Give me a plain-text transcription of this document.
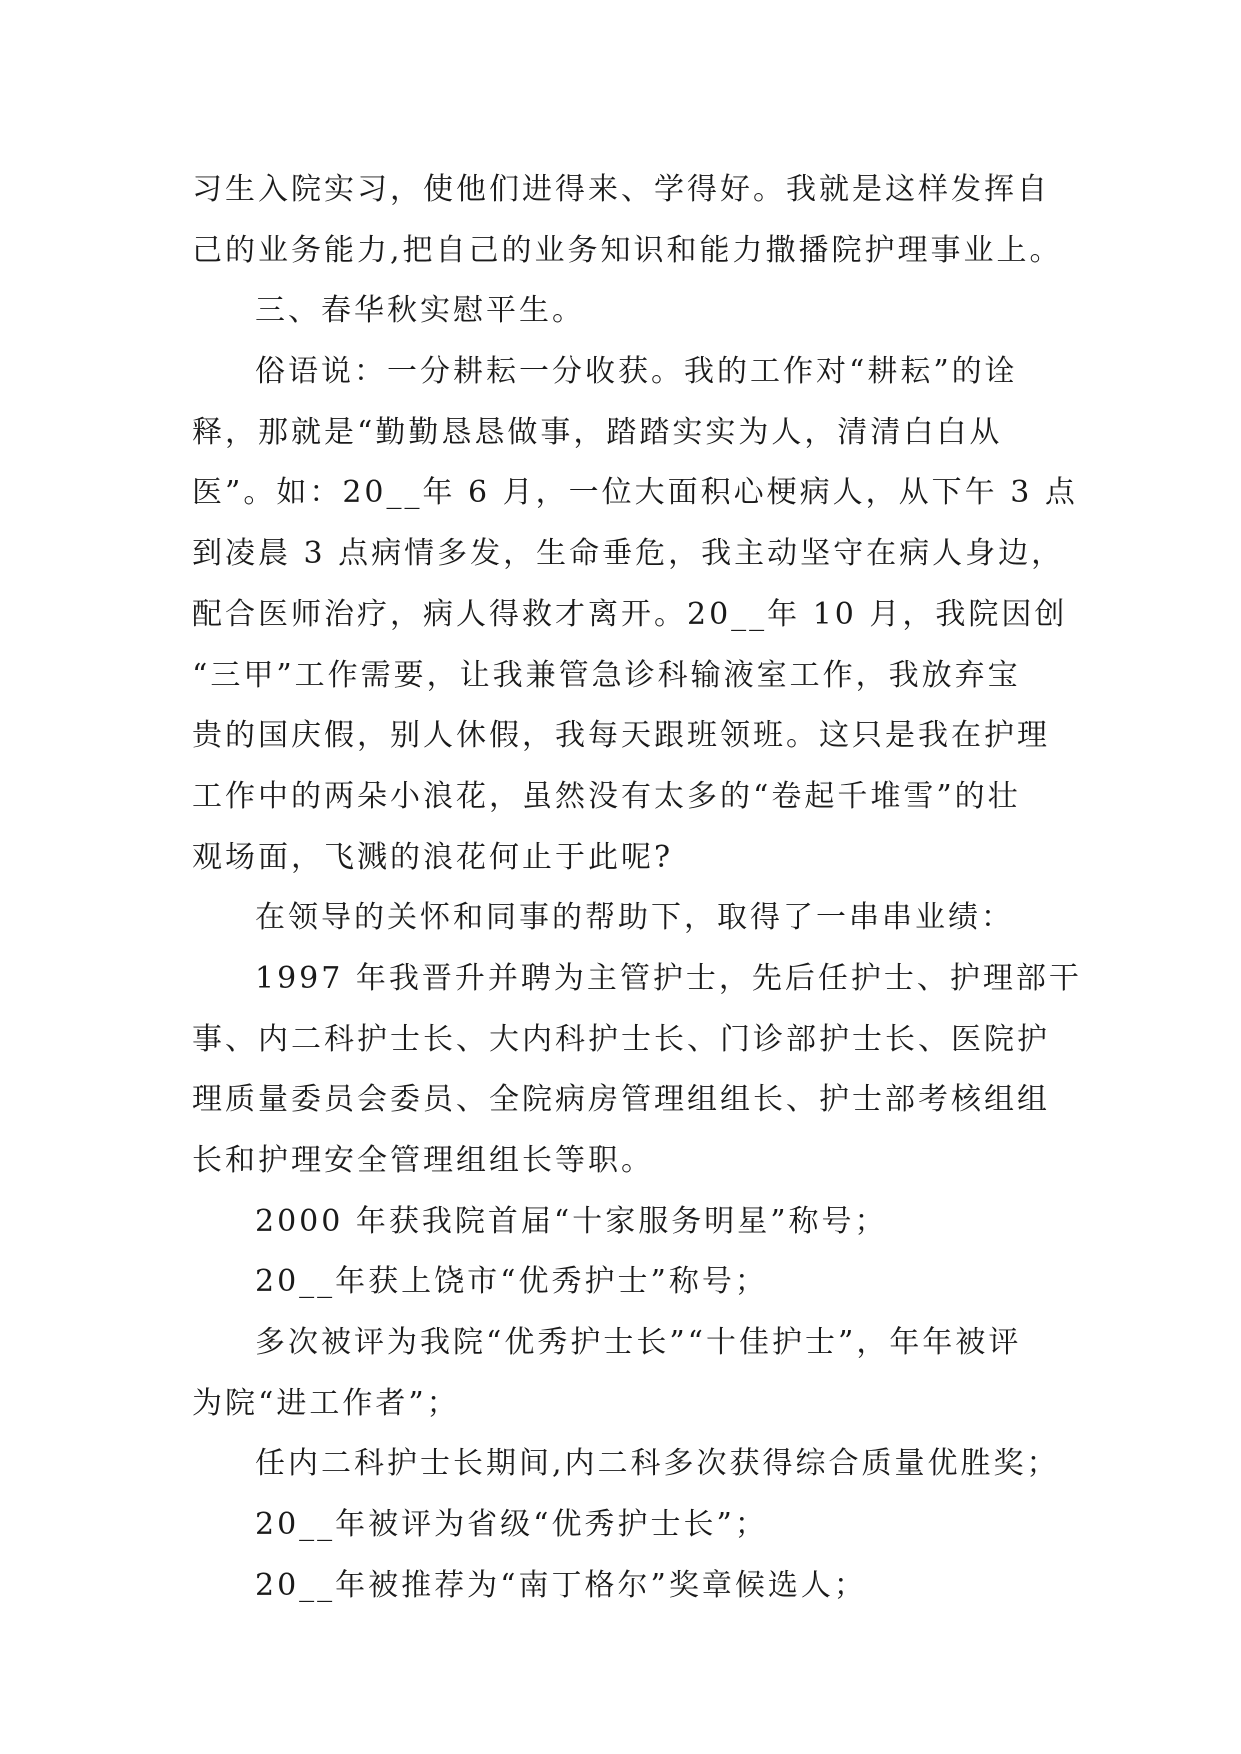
习生入院实习，使他们进得来、学得好。我就是这样发挥自
己的业务能力,把自己的业务知识和能力撒播院护理事业上。
三、春华秋实慰平生。
俗语说：一分耕耘一分收获。我的工作对“耕耘”的诠
释，那就是“勤勤恳恳做事，踏踏实实为人，清清白白从
医”。如：20__年 6 月，一位大面积心梗病人，从下午 3 点
到凌晨 3 点病情多发，生命垂危，我主动坚守在病人身边，
配合医师治疗，病人得救才离开。20__年 10 月，我院因创
“三甲”工作需要，让我兼管急诊科输液室工作，我放弃宝
贵的国庆假，别人休假，我每天跟班领班。这只是我在护理
工作中的两朵小浪花，虽然没有太多的“卷起千堆雪”的壮
观场面，飞溅的浪花何止于此呢?
在领导的关怀和同事的帮助下，取得了一串串业绩：
1997 年我晋升并聘为主管护士，先后任护士、护理部干
事、内二科护士长、大内科护士长、门诊部护士长、医院护
理质量委员会委员、全院病房管理组组长、护士部考核组组
长和护理安全管理组组长等职。
2000 年获我院首届“十家服务明星”称号；
20__年获上饶市“优秀护士”称号；
多次被评为我院“优秀护士长”“十佳护士”，年年被评
为院“进工作者”；
任内二科护士长期间,内二科多次获得综合质量优胜奖；
20__年被评为省级“优秀护士长”；
20__年被推荐为“南丁格尔”奖章候选人；
